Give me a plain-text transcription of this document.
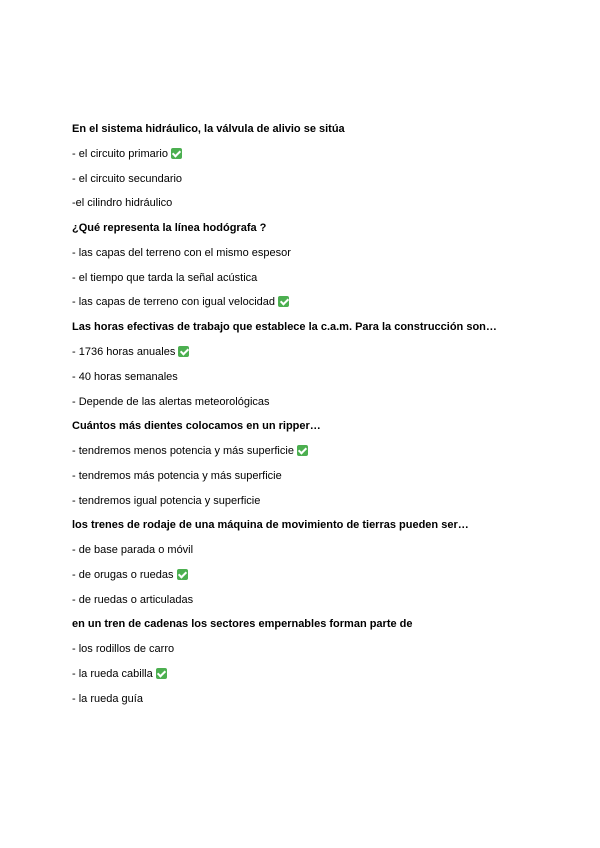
En el sistema hidráulico, la válvula de alivio se sitúa
- el circuito primario
- el circuito secundario
-el cilindro hidráulico
¿Qué representa la línea hodógrafa ?
- las capas del terreno con el mismo espesor
- el tiempo que tarda la señal acústica
- las capas de terreno con igual velocidad
Las horas efectivas de trabajo que establece la c.a.m. Para la construcción son…
- 1736 horas anuales
- 40 horas semanales
- Depende de las alertas meteorológicas
Cuántos más dientes colocamos en un ripper…
- tendremos menos potencia y más superficie
- tendremos más potencia y más superficie
- tendremos igual potencia y superficie
los trenes de rodaje de una máquina de movimiento de tierras pueden ser…
- de base parada o móvil
- de orugas o ruedas
- de ruedas o articuladas
en un tren de cadenas los sectores empernables forman parte de
- los rodillos de carro
- la rueda cabilla
- la rueda guía
